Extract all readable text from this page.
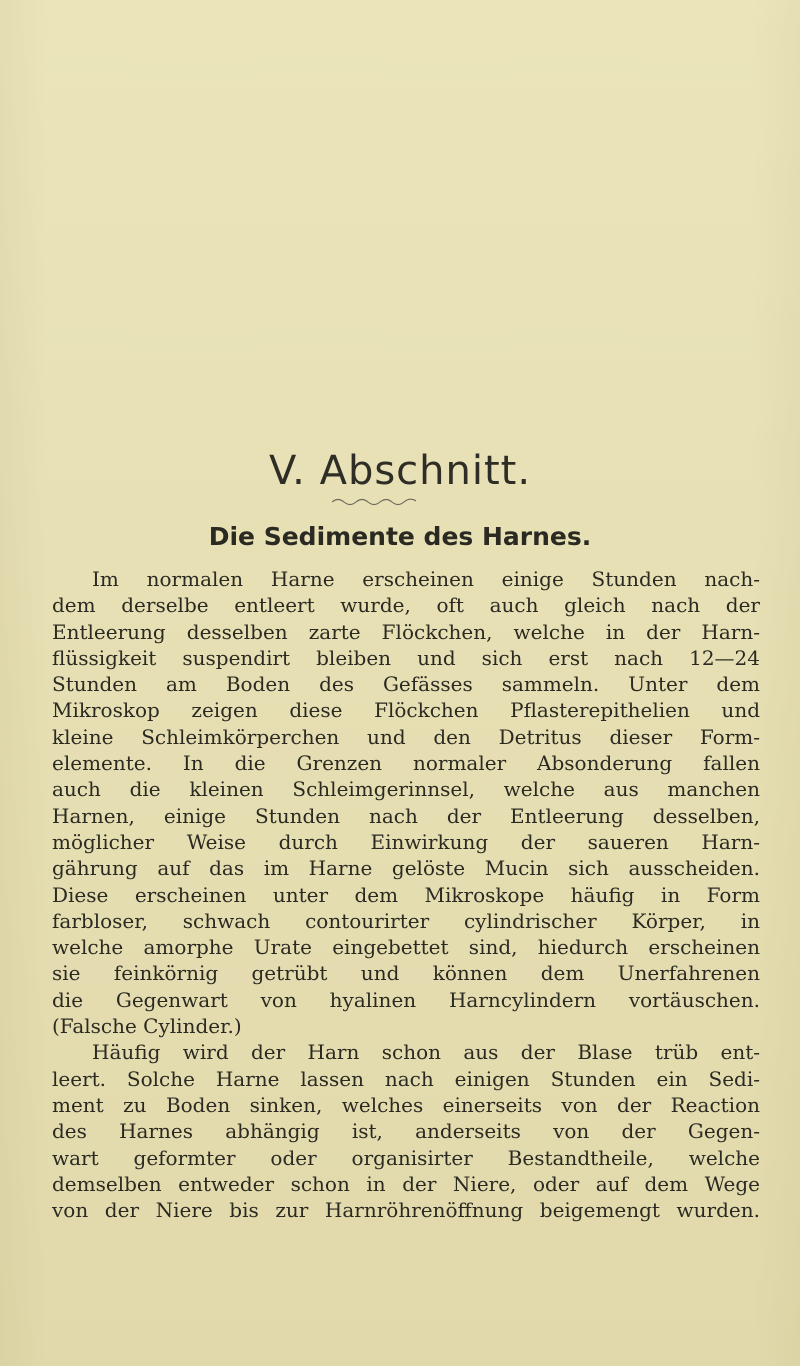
V. Abschnitt.
Die Sedimente des Harnes.
Im normalen Harne erscheinen einige Stunden nach-
dem derselbe entleert wurde, oft auch gleich nach der
Entleerung desselben zarte Flöckchen, welche in der Harn-
flüssigkeit suspendirt bleiben und sich erst nach 12—24
Stunden am Boden des Gefässes sammeln. Unter dem
Mikroskop zeigen diese Flöckchen Pflasterepithelien und
kleine Schleimkörperchen und den Detritus dieser Form-
elemente. In die Grenzen normaler Absonderung fallen
auch die kleinen Schleimgerinnsel, welche aus manchen
Harnen, einige Stunden nach der Entleerung desselben,
möglicher Weise durch Einwirkung der saueren Harn-
gährung auf das im Harne gelöste Mucin sich ausscheiden.
Diese erscheinen unter dem Mikroskope häufig in Form
farbloser, schwach contourirter cylindrischer Körper, in
welche amorphe Urate eingebettet sind, hiedurch erscheinen
sie feinkörnig getrübt und können dem Unerfahrenen
die Gegenwart von hyalinen Harncylindern vortäuschen.
(Falsche Cylinder.)
Häufig wird der Harn schon aus der Blase trüb ent-
leert. Solche Harne lassen nach einigen Stunden ein Sedi-
ment zu Boden sinken, welches einerseits von der Reaction
des Harnes abhängig ist, anderseits von der Gegen-
wart geformter oder organisirter Bestandtheile, welche
demselben entweder schon in der Niere, oder auf dem Wege
von der Niere bis zur Harnröhrenöffnung beigemengt wurden.
